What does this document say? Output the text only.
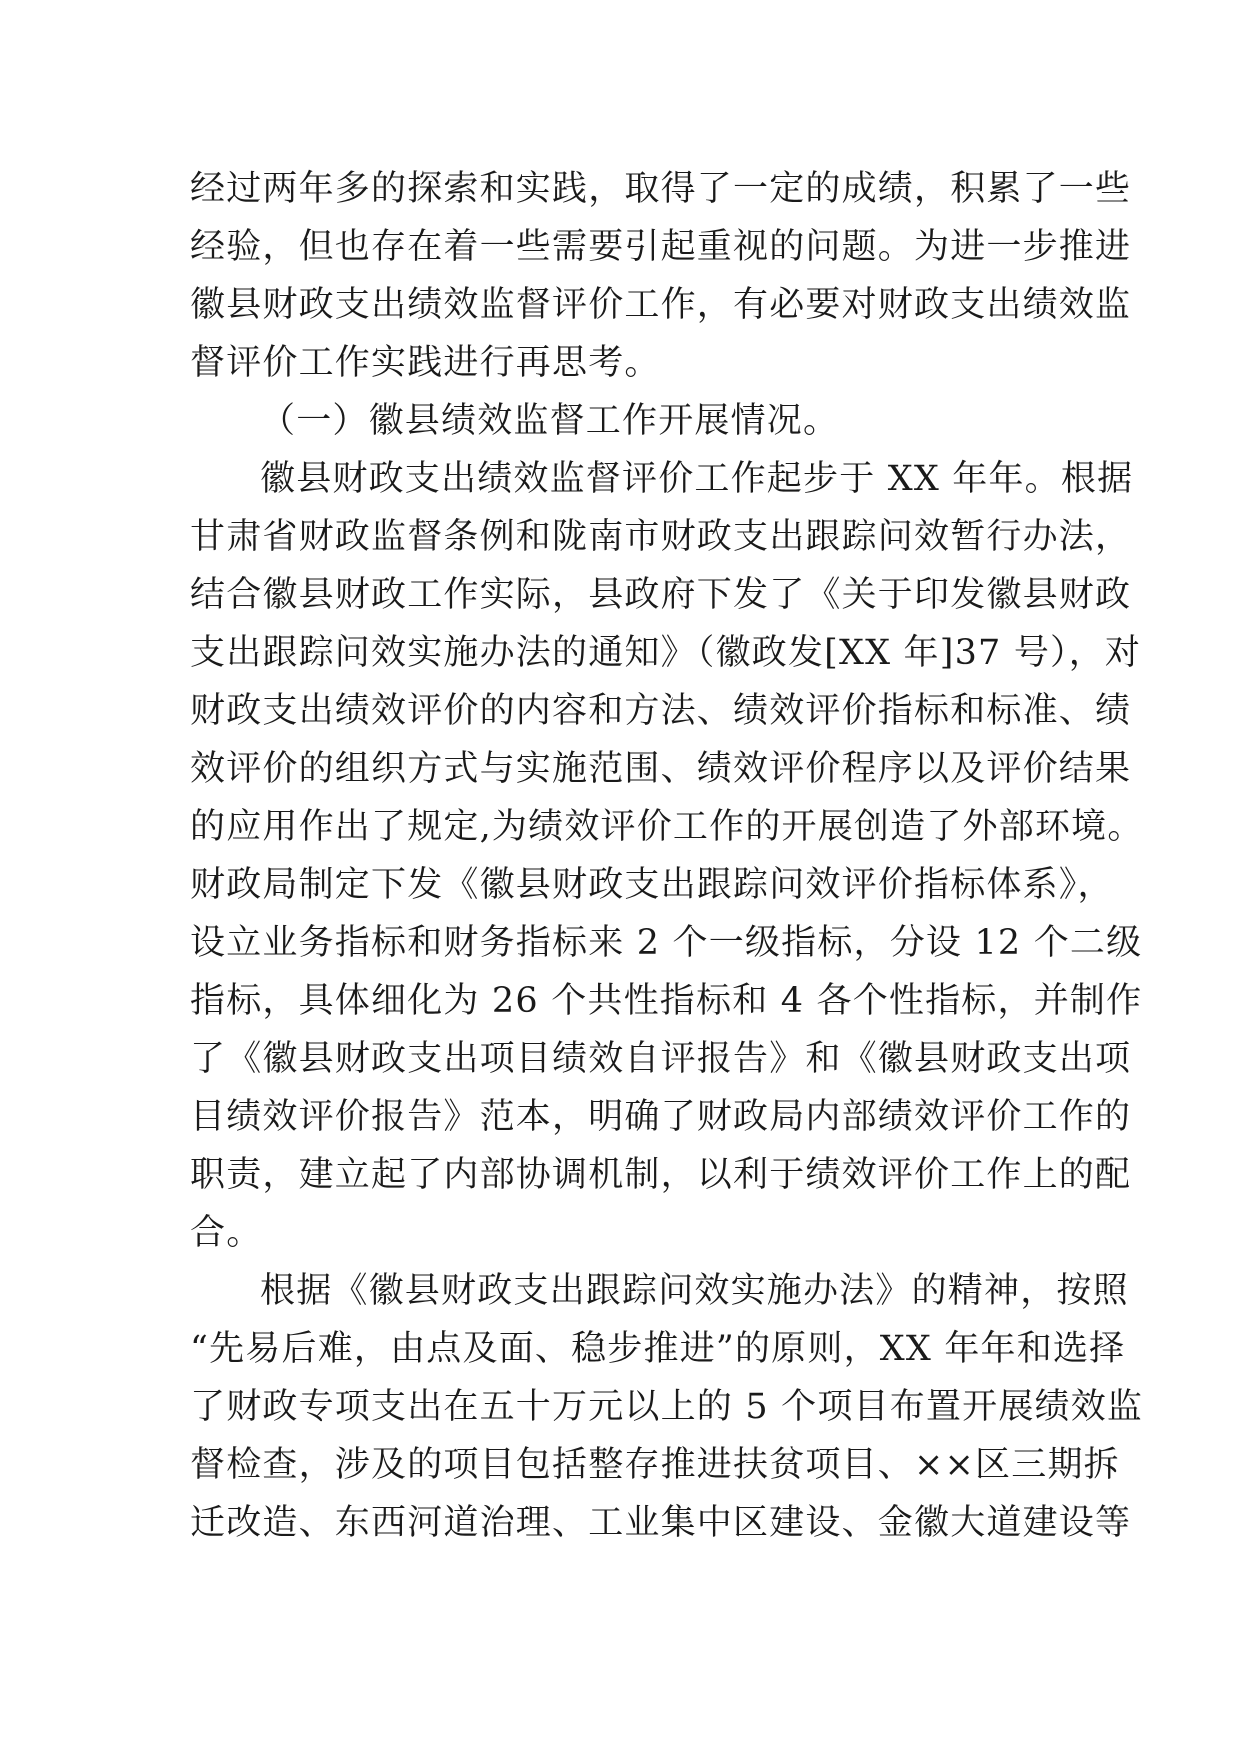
经过两年多的探索和实践，取得了一定的成绩，积累了一些
经验，但也存在着一些需要引起重视的问题。为进一步推进
徽县财政支出绩效监督评价工作，有必要对财政支出绩效监
督评价工作实践进行再思考。
（一）徽县绩效监督工作开展情况。
徽县财政支出绩效监督评价工作起步于 XX 年年。根据
甘肃省财政监督条例和陇南市财政支出跟踪问效暂行办法，
结合徽县财政工作实际，县政府下发了《关于印发徽县财政
支出跟踪问效实施办法的通知》（徽政发[XX 年]37 号），对
财政支出绩效评价的内容和方法、绩效评价指标和标准、绩
效评价的组织方式与实施范围、绩效评价程序以及评价结果
的应用作出了规定,为绩效评价工作的开展创造了外部环境。
财政局制定下发《徽县财政支出跟踪问效评价指标体系》，
设立业务指标和财务指标来 2 个一级指标，分设 12 个二级
指标，具体细化为 26 个共性指标和 4 各个性指标，并制作
了《徽县财政支出项目绩效自评报告》和《徽县财政支出项
目绩效评价报告》范本，明确了财政局内部绩效评价工作的
职责，建立起了内部协调机制，以利于绩效评价工作上的配
合。
根据《徽县财政支出跟踪问效实施办法》的精神，按照
“先易后难，由点及面、稳步推进”的原则，XX 年年和选择
了财政专项支出在五十万元以上的 5 个项目布置开展绩效监
督检查，涉及的项目包括整存推进扶贫项目、××区三期拆
迁改造、东西河道治理、工业集中区建设、金徽大道建设等
